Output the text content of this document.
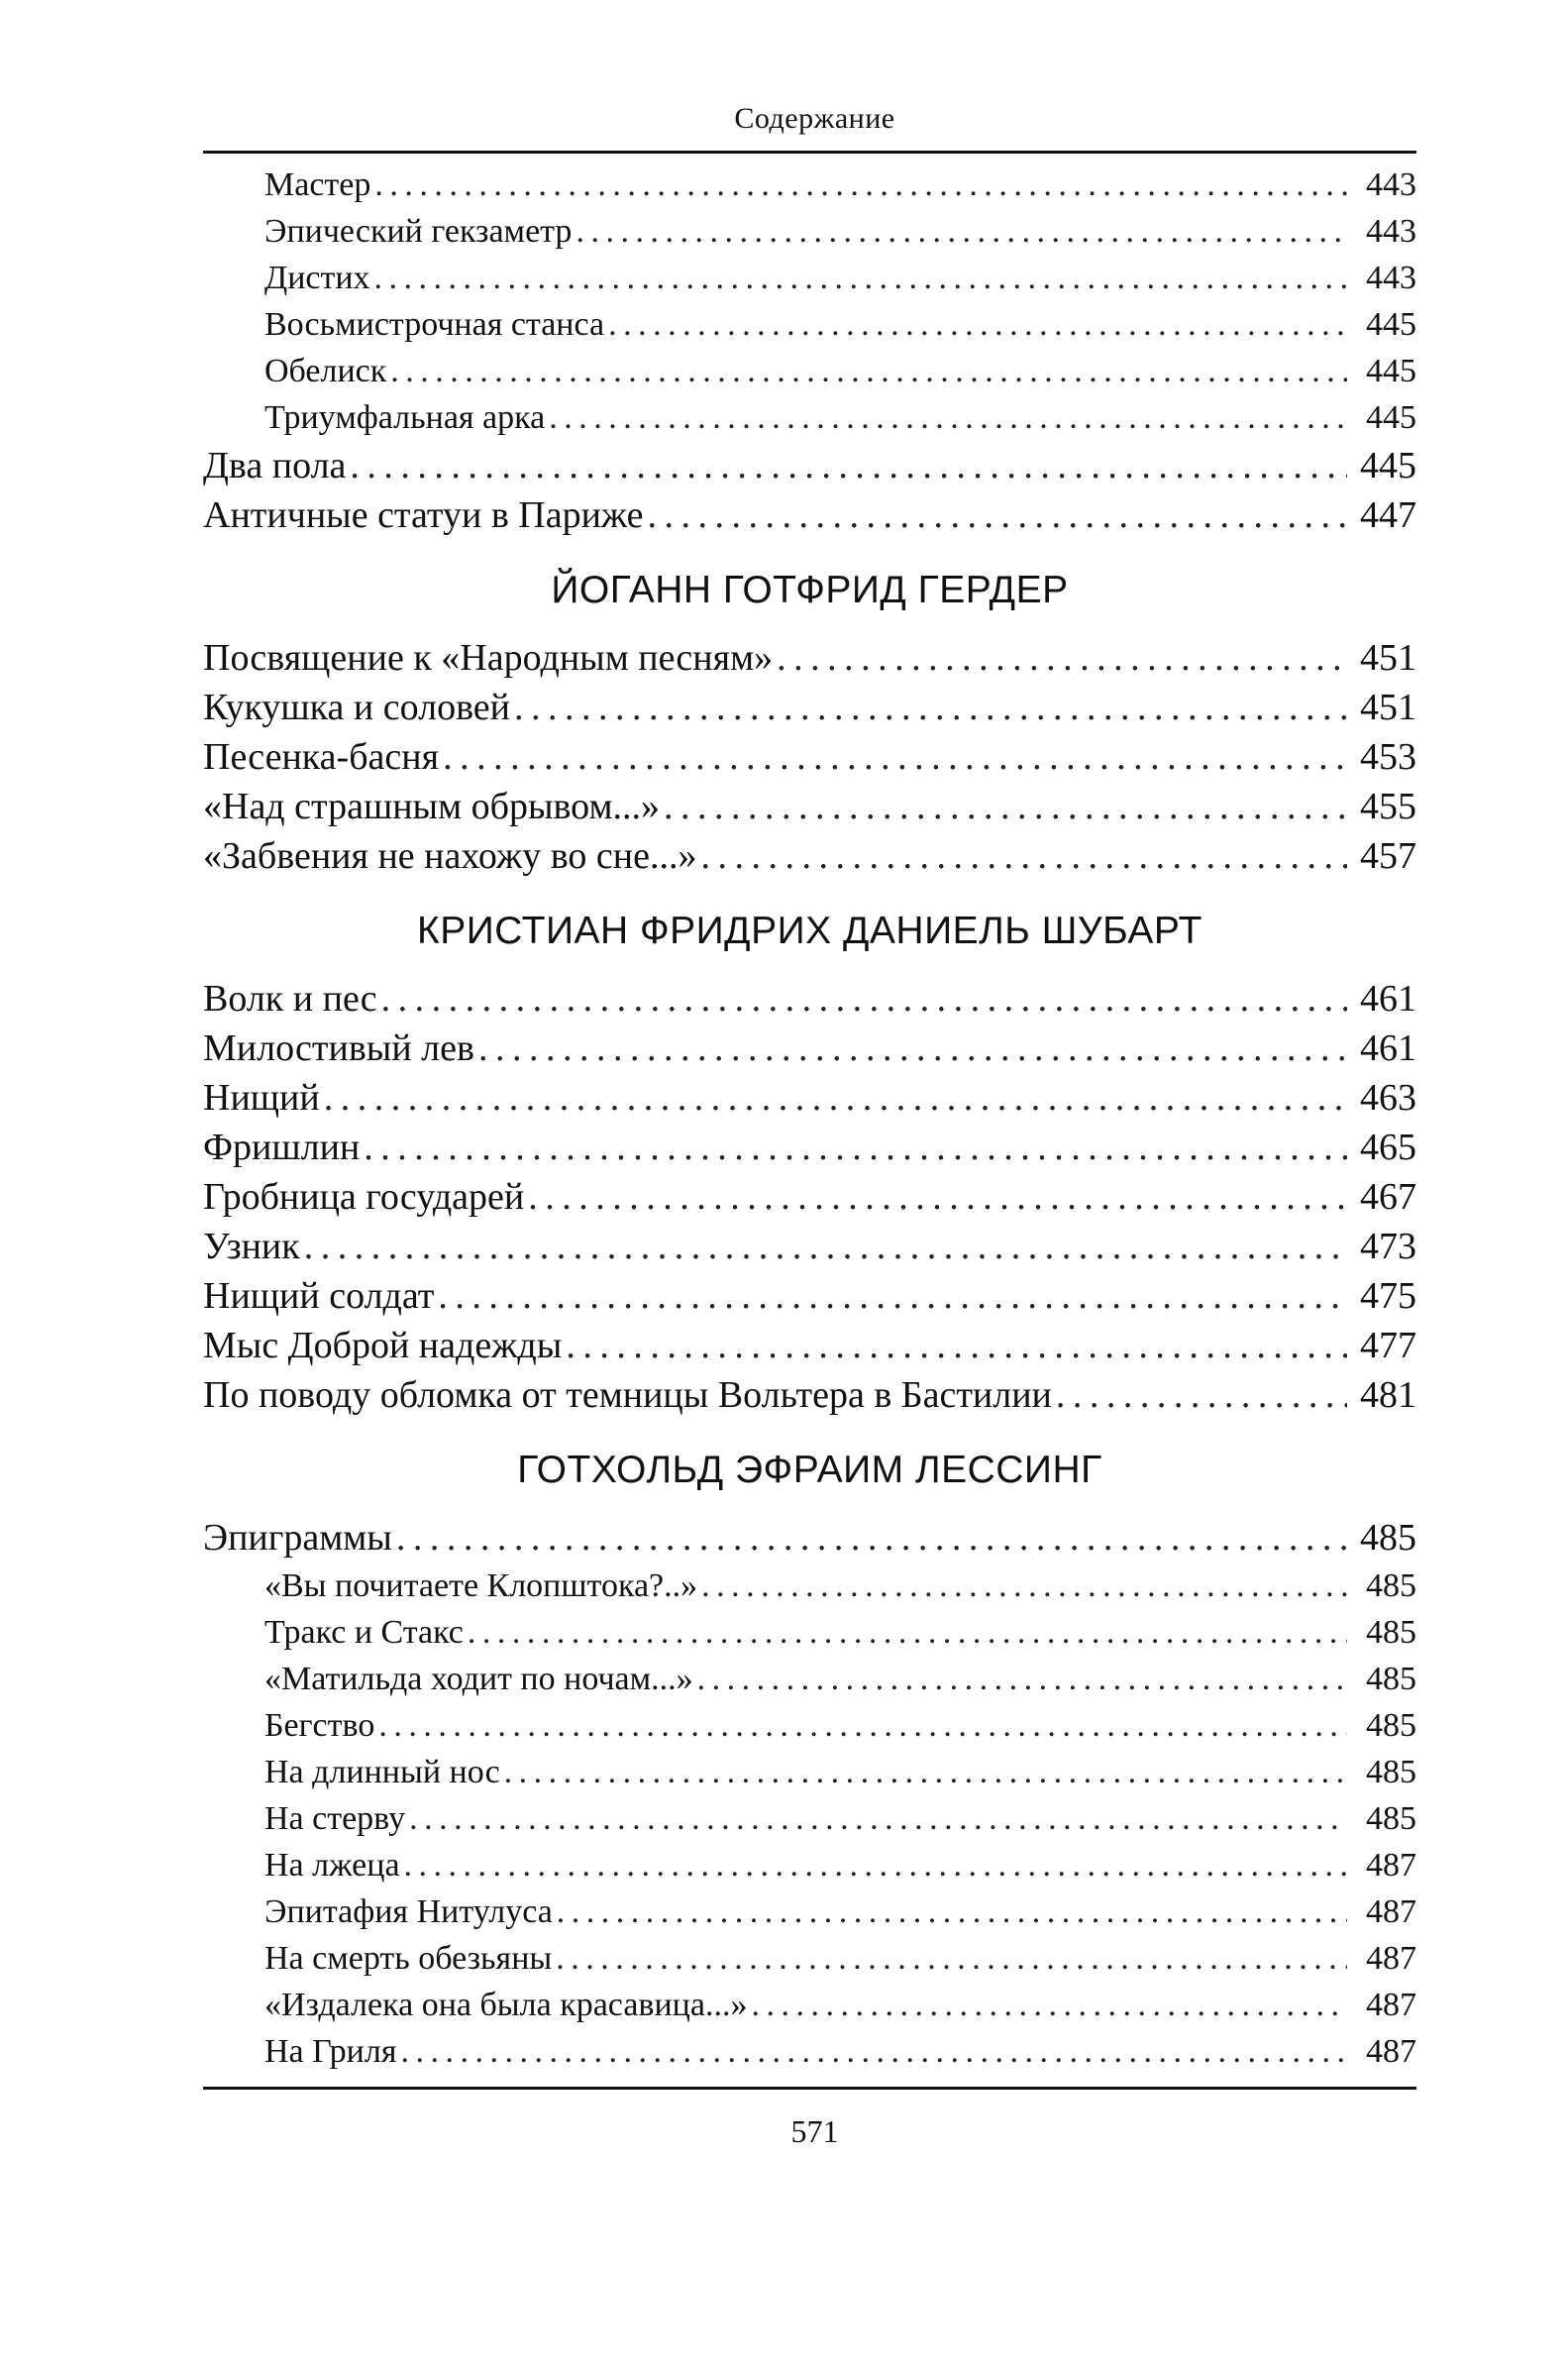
Содержание
Мастер . . .	443
Эпический гекзаметр . . .	443
Дистих . . .	443
Восьмистрочная станса . . .	445
Обелиск . . .	445
Триумфальная арка . . .	445
Два пола . . .	445
Античные статуи в Париже . . .	447
ЙОГАНН ГОТФРИД ГЕРДЕР
Посвящение к «Народным песням» . . .	451
Кукушка и соловей . . .	451
Песенка-басня . . .	453
«Над страшным обрывом...» . . .	455
«Забвения не нахожу во сне...» . . .	457
КРИСТИАН ФРИДРИХ ДАНИЕЛЬ ШУБАРТ
Волк и пес . . .	461
Милостивый лев . . .	461
Нищий . . .	463
Фришлин . . .	465
Гробница государей . . .	467
Узник . . .	473
Нищий солдат . . .	475
Мыс Доброй надежды . . .	477
По поводу обломка от темницы Вольтера в Бастилии . . .	481
ГОТХОЛЬД ЭФРАИМ ЛЕССИНГ
Эпиграммы . . .	485
«Вы почитаете Клопштока?..» . . .	485
Тракс и Стакс . . .	485
«Матильда ходит по ночам...» . . .	485
Бегство . . .	485
На длинный нос . . .	485
На стерву . . .	485
На лжеца . . .	487
Эпитафия Нитулуса . . .	487
На смерть обезьяны . . .	487
«Издалека она была красавица...» . . .	487
На Гриля . . .	487
571
